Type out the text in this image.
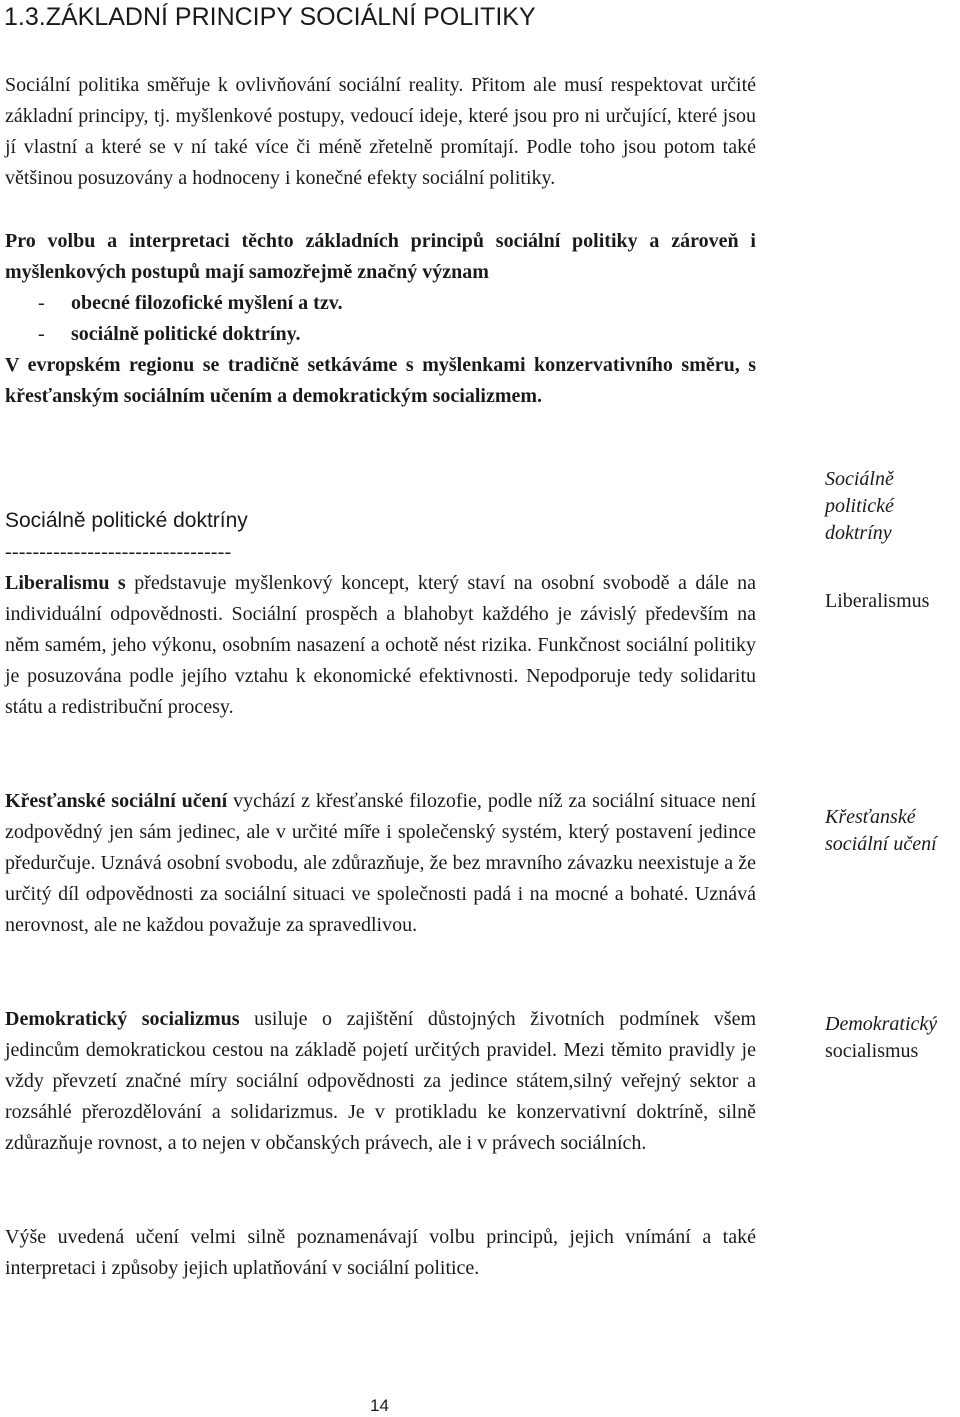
1.3.ZÁKLADNÍ PRINCIPY SOCIÁLNÍ POLITIKY

Sociální politika směřuje k ovlivňování sociální reality. Přitom ale musí respektovat určité základní principy, tj. myšlenkové postupy, vedoucí ideje, které jsou pro ni určující, které jsou jí vlastní a které se v ní také více či méně zřetelně promítají. Podle toho jsou potom také většinou posuzovány a hodnoceny i konečné efekty sociální politiky.

Pro volbu a interpretaci těchto základních principů sociální politiky a zároveň i myšlenkových postupů mají samozřejmě značný význam

- obecné filozofické myšlení a tzv.
- sociálně politické doktríny.

V evropském regionu se tradičně setkáváme s myšlenkami konzervativního směru, s křesťanským sociálním učením a demokratickým socializmem.

Sociálně politické doktríny
---------------------------------

Liberalismu s představuje myšlenkový koncept, který staví na osobní svobodě a dále na individuální odpovědnosti. Sociální prospěch a blahobyt každého je závislý především na něm samém, jeho výkonu, osobním nasazení a ochotě nést rizika. Funkčnost sociální politiky je posuzována podle jejího vztahu k ekonomické efektivnosti. Nepodporuje tedy solidaritu státu a redistribuční procesy.

Křesťanské sociální učení vychází z křesťanské filozofie, podle níž za sociální situace není zodpovědný jen sám jedinec, ale v určité míře i společenský systém, který postavení jedince předurčuje. Uznává osobní svobodu, ale zdůrazňuje, že bez mravního závazku neexistuje a že určitý díl odpovědnosti za sociální situaci ve společnosti padá i na mocné a bohaté. Uznává nerovnost, ale ne každou považuje za spravedlivou.

Demokratický socializmus usiluje o zajištění důstojných životních podmínek všem jedincům demokratickou cestou na základě pojetí určitých pravidel. Mezi těmito pravidly je vždy převzetí značné míry sociální odpovědnosti za jedince státem,silný veřejný sektor a rozsáhlé přerozdělování a solidarizmus. Je v protikladu ke konzervativní doktríně, silně zdůrazňuje rovnost, a to nejen v občanských právech, ale i v právech sociálních.

Výše uvedená učení velmi silně poznamenávají volbu principů, jejich vnímání a také interpretaci i způsoby jejich uplatňování v sociální politice.

Sociálně politické doktríny
Liberalismus
Křesťanské sociální učení
Demokratický
socialismus
14
